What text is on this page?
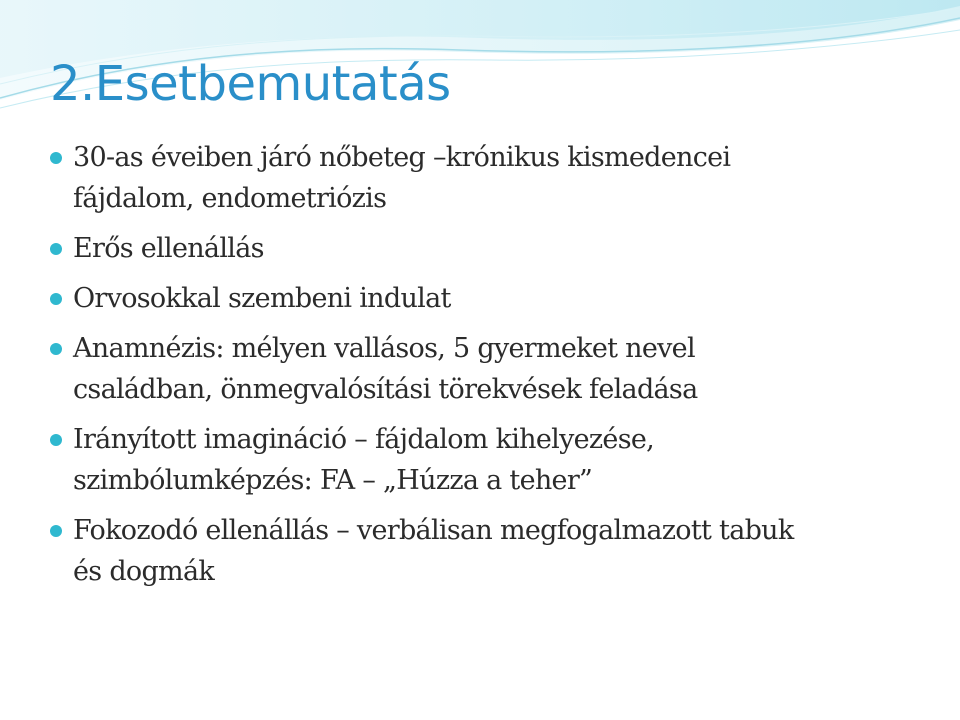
2.Esetbemutatás
30-as éveiben járó nőbeteg –krónikus kismedencei
fájdalom, endometriózis
Erős ellenállás
Orvosokkal szembeni indulat
Anamnézis: mélyen vallásos, 5 gyermeket nevel
családban, önmegvalósítási törekvések feladása
Irányított imagináció – fájdalom kihelyezése,
szimbólumképzés: FA – „Húzza a teher”
Fokozodó ellenállás – verbálisan megfogalmazott tabuk
és dogmák
